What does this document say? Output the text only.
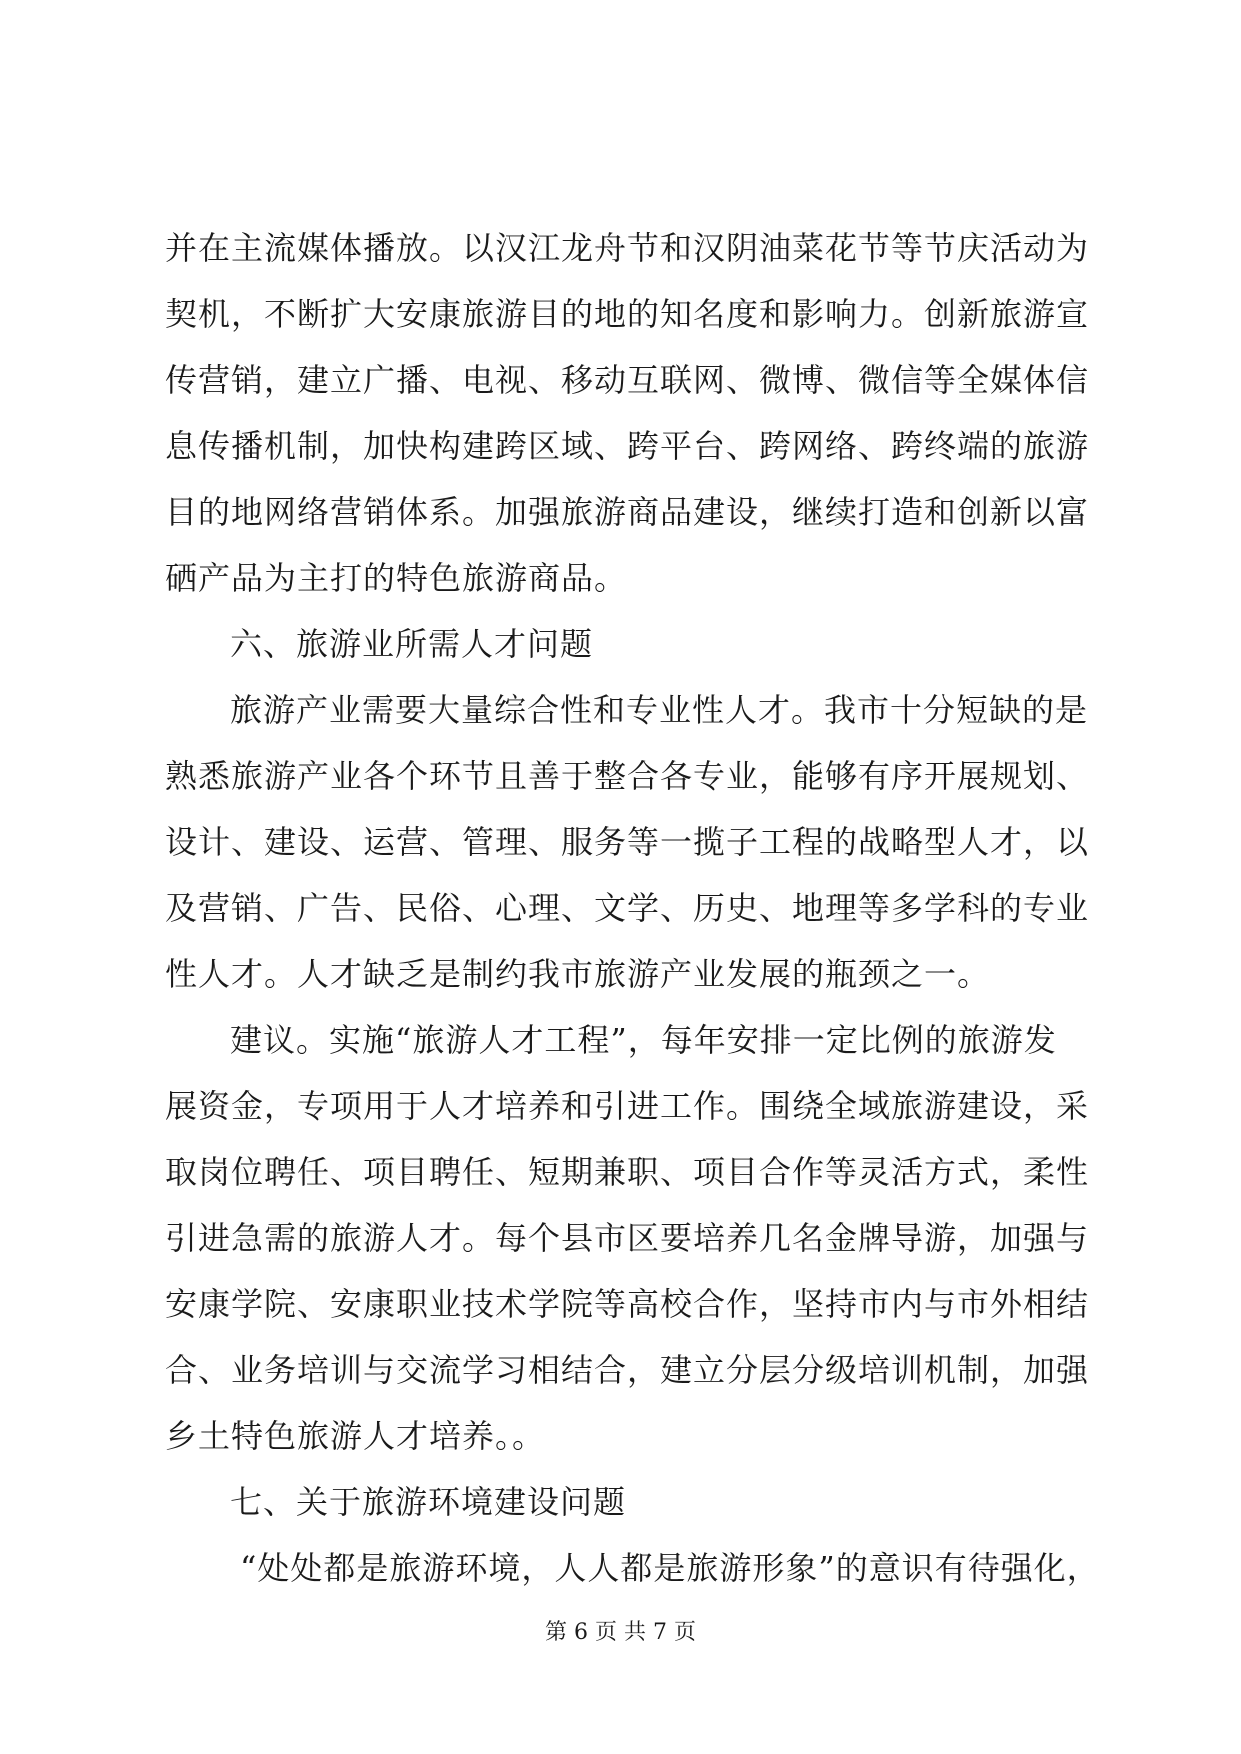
并在主流媒体播放。以汉江龙舟节和汉阴油菜花节等节庆活动为
契机，不断扩大安康旅游目的地的知名度和影响力。创新旅游宣
传营销，建立广播、电视、移动互联网、微博、微信等全媒体信
息传播机制，加快构建跨区域、跨平台、跨网络、跨终端的旅游
目的地网络营销体系。加强旅游商品建设，继续打造和创新以富
硒产品为主打的特色旅游商品。
六、旅游业所需人才问题
旅游产业需要大量综合性和专业性人才。我市十分短缺的是
熟悉旅游产业各个环节且善于整合各专业，能够有序开展规划、
设计、建设、运营、管理、服务等一揽子工程的战略型人才，以
及营销、广告、民俗、心理、文学、历史、地理等多学科的专业
性人才。人才缺乏是制约我市旅游产业发展的瓶颈之一。
建议。实施“旅游人才工程”，每年安排一定比例的旅游发
展资金，专项用于人才培养和引进工作。围绕全域旅游建设，采
取岗位聘任、项目聘任、短期兼职、项目合作等灵活方式，柔性
引进急需的旅游人才。每个县市区要培养几名金牌导游，加强与
安康学院、安康职业技术学院等高校合作，坚持市内与市外相结
合、业务培训与交流学习相结合，建立分层分级培训机制，加强
乡土特色旅游人才培养。。
七、关于旅游环境建设问题
“处处都是旅游环境，人人都是旅游形象”的意识有待强化，
第 6 页 共 7 页
